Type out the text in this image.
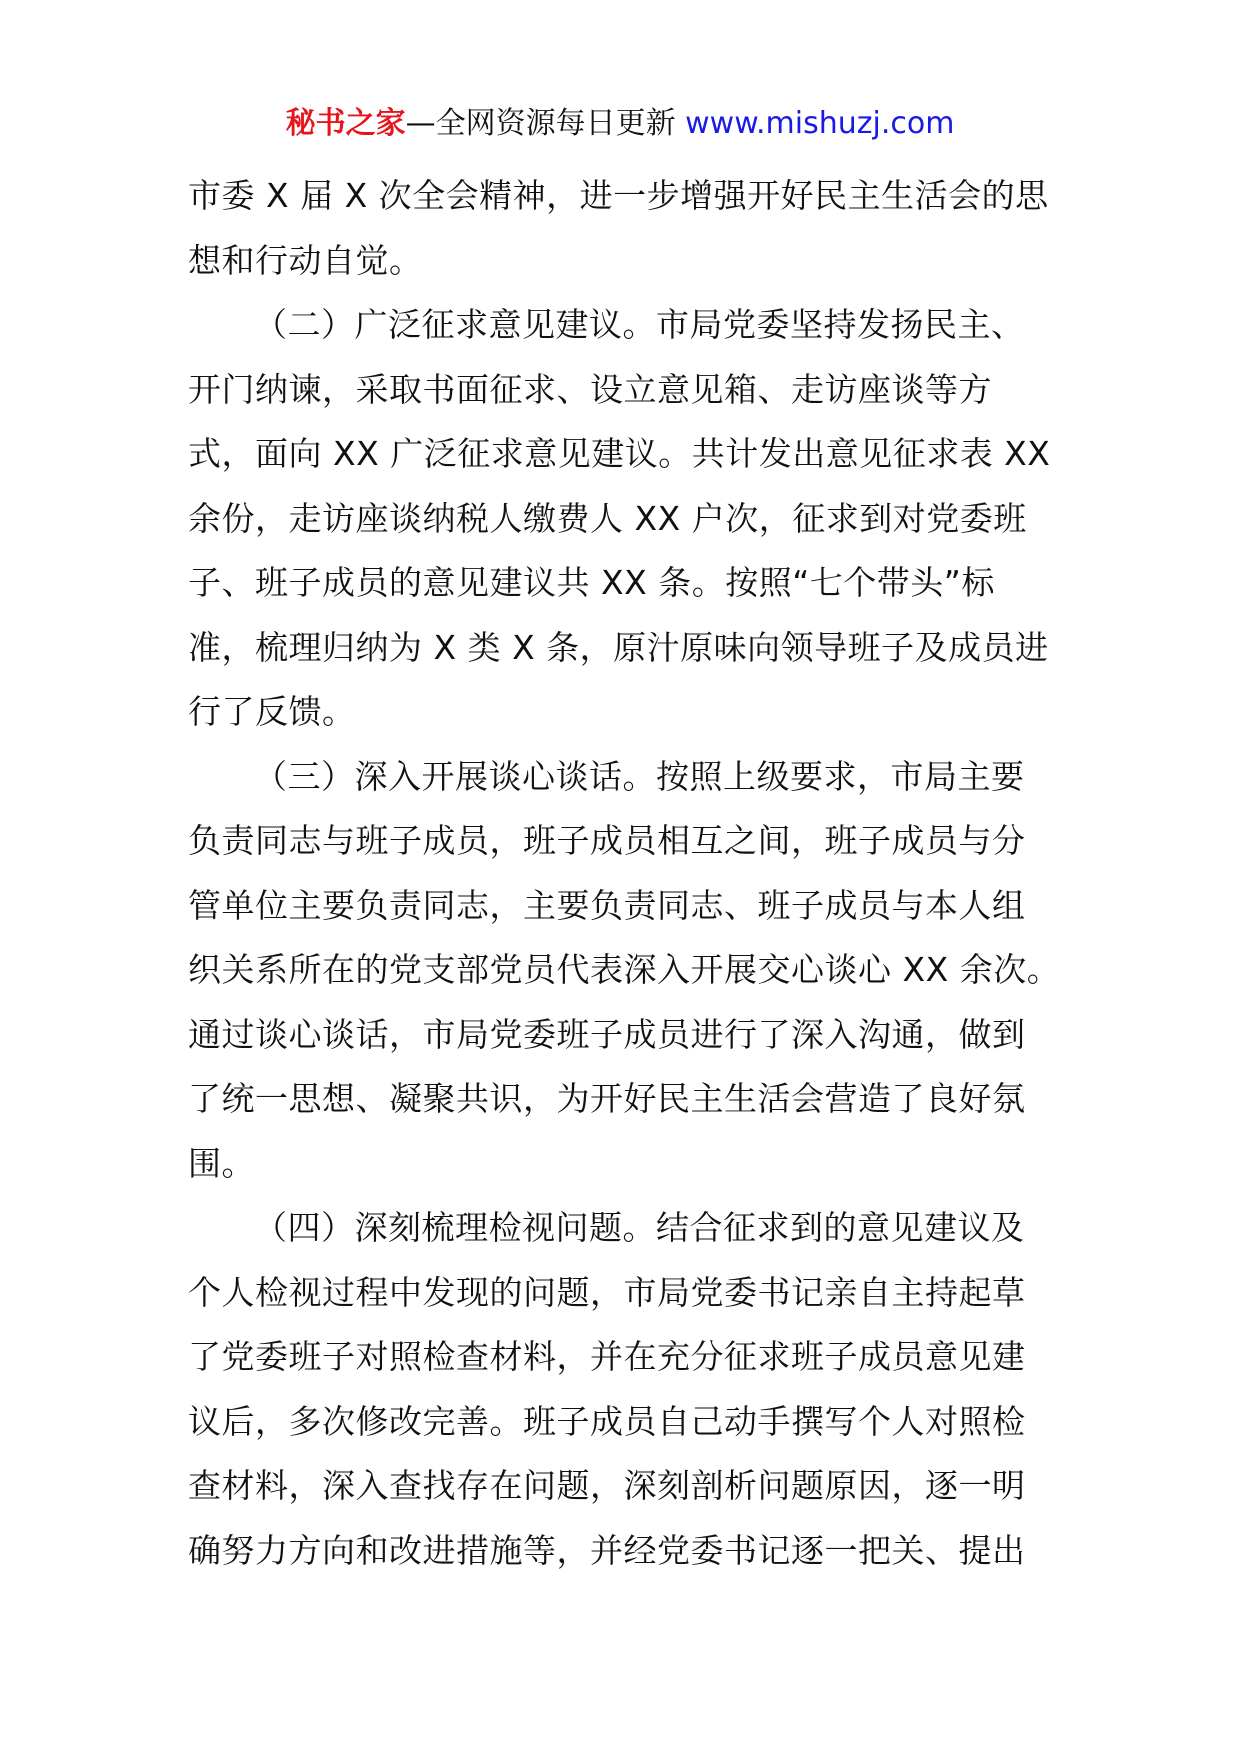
秘书之家—全网资源每日更新 www.mishuzj.com
市委 X 届 X 次全会精神，进一步增强开好民主生活会的思
想和行动自觉。
（二）广泛征求意见建议。市局党委坚持发扬民主、
开门纳谏，采取书面征求、设立意见箱、走访座谈等方
式，面向 XX 广泛征求意见建议。共计发出意见征求表 XX
余份，走访座谈纳税人缴费人 XX 户次，征求到对党委班
子、班子成员的意见建议共 XX 条。按照“七个带头”标
准，梳理归纳为 X 类 X 条，原汁原味向领导班子及成员进
行了反馈。
（三）深入开展谈心谈话。按照上级要求，市局主要
负责同志与班子成员，班子成员相互之间，班子成员与分
管单位主要负责同志，主要负责同志、班子成员与本人组
织关系所在的党支部党员代表深入开展交心谈心 XX 余次。
通过谈心谈话，市局党委班子成员进行了深入沟通，做到
了统一思想、凝聚共识，为开好民主生活会营造了良好氛
围。
（四）深刻梳理检视问题。结合征求到的意见建议及
个人检视过程中发现的问题，市局党委书记亲自主持起草
了党委班子对照检查材料，并在充分征求班子成员意见建
议后，多次修改完善。班子成员自己动手撰写个人对照检
查材料，深入查找存在问题，深刻剖析问题原因，逐一明
确努力方向和改进措施等，并经党委书记逐一把关、提出
